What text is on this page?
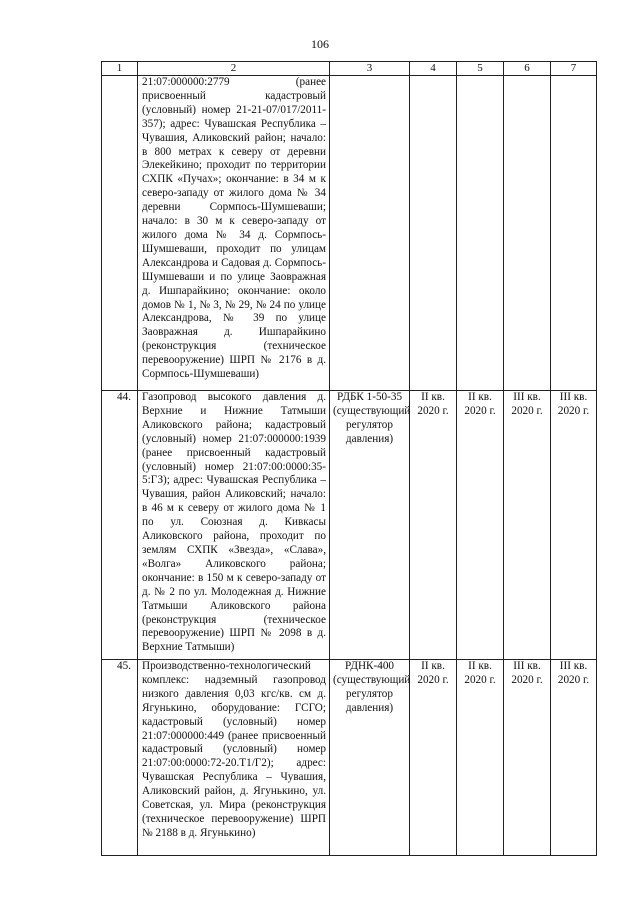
106
1	2	3	4	5	6	7
	21:07:000000:2779 (ранее присвоенный кадастровый (условный) номер 21-21-07/017/2011-357); адрес: Чувашская Республика – Чувашия, Аликовский район; начало: в 800 метрах к северу от деревни Элекейкино; проходит по территории СХПК «Пучах»; окончание: в 34 м к северо-западу от жилого дома № 34 деревни Сормпось-Шумшеваши; начало: в 30 м к северо-западу от жилого дома № 34 д. Сормпось-Шумшеваши, проходит по улицам Александрова и Садовая д. Сормпось-Шумшеваши и по улице Заовражная д. Ишпарайкино; окончание: около домов № 1, № 3, № 29, № 24 по улице Александрова, № 39 по улице Заовражная д. Ишпарайкино (реконструкция (техническое перевооружение) ШРП № 2176 в д. Сормпось-Шумшеваши)					
44.	Газопровод высокого давления д. Верхние и Нижние Татмыши Аликовского района; кадастровый (условный) номер 21:07:000000:1939 (ранее присвоенный кадастровый (условный) номер 21:07:00:0000:35-5:ГЗ); адрес: Чувашская Республика – Чувашия, район Аликовский; начало: в 46 м к северу от жилого дома № 1 по ул. Союзная д. Кивкасы Аликовского района, проходит по землям СХПК «Звезда», «Слава», «Волга» Аликовского района; окончание: в 150 м к северо-западу от д. № 2 по ул. Молодежная д. Нижние Татмыши Аликовского района (реконструкция (техническое перевооружение) ШРП № 2098 в д. Верхние Татмыши)	РДБК 1-50-35 (существующий регулятор давления)	II кв. 2020 г.	II кв. 2020 г.	III кв. 2020 г.	III кв. 2020 г.
45.	Производственно-технологический комплекс: надземный газопровод низкого давления 0,03 кгс/кв. см д. Ягунькино, оборудование: ГСГО; кадастровый (условный) номер 21:07:000000:449 (ранее присвоенный кадастровый (условный) номер 21:07:00:0000:72-20.Т1/Г2); адрес: Чувашская Республика – Чувашия, Аликовский район, д. Ягунькино, ул. Советская, ул. Мира (реконструкция (техническое перевооружение) ШРП № 2188 в д. Ягунькино)	РДНК-400 (существующий регулятор давления)	II кв. 2020 г.	II кв. 2020 г.	III кв. 2020 г.	III кв. 2020 г.
